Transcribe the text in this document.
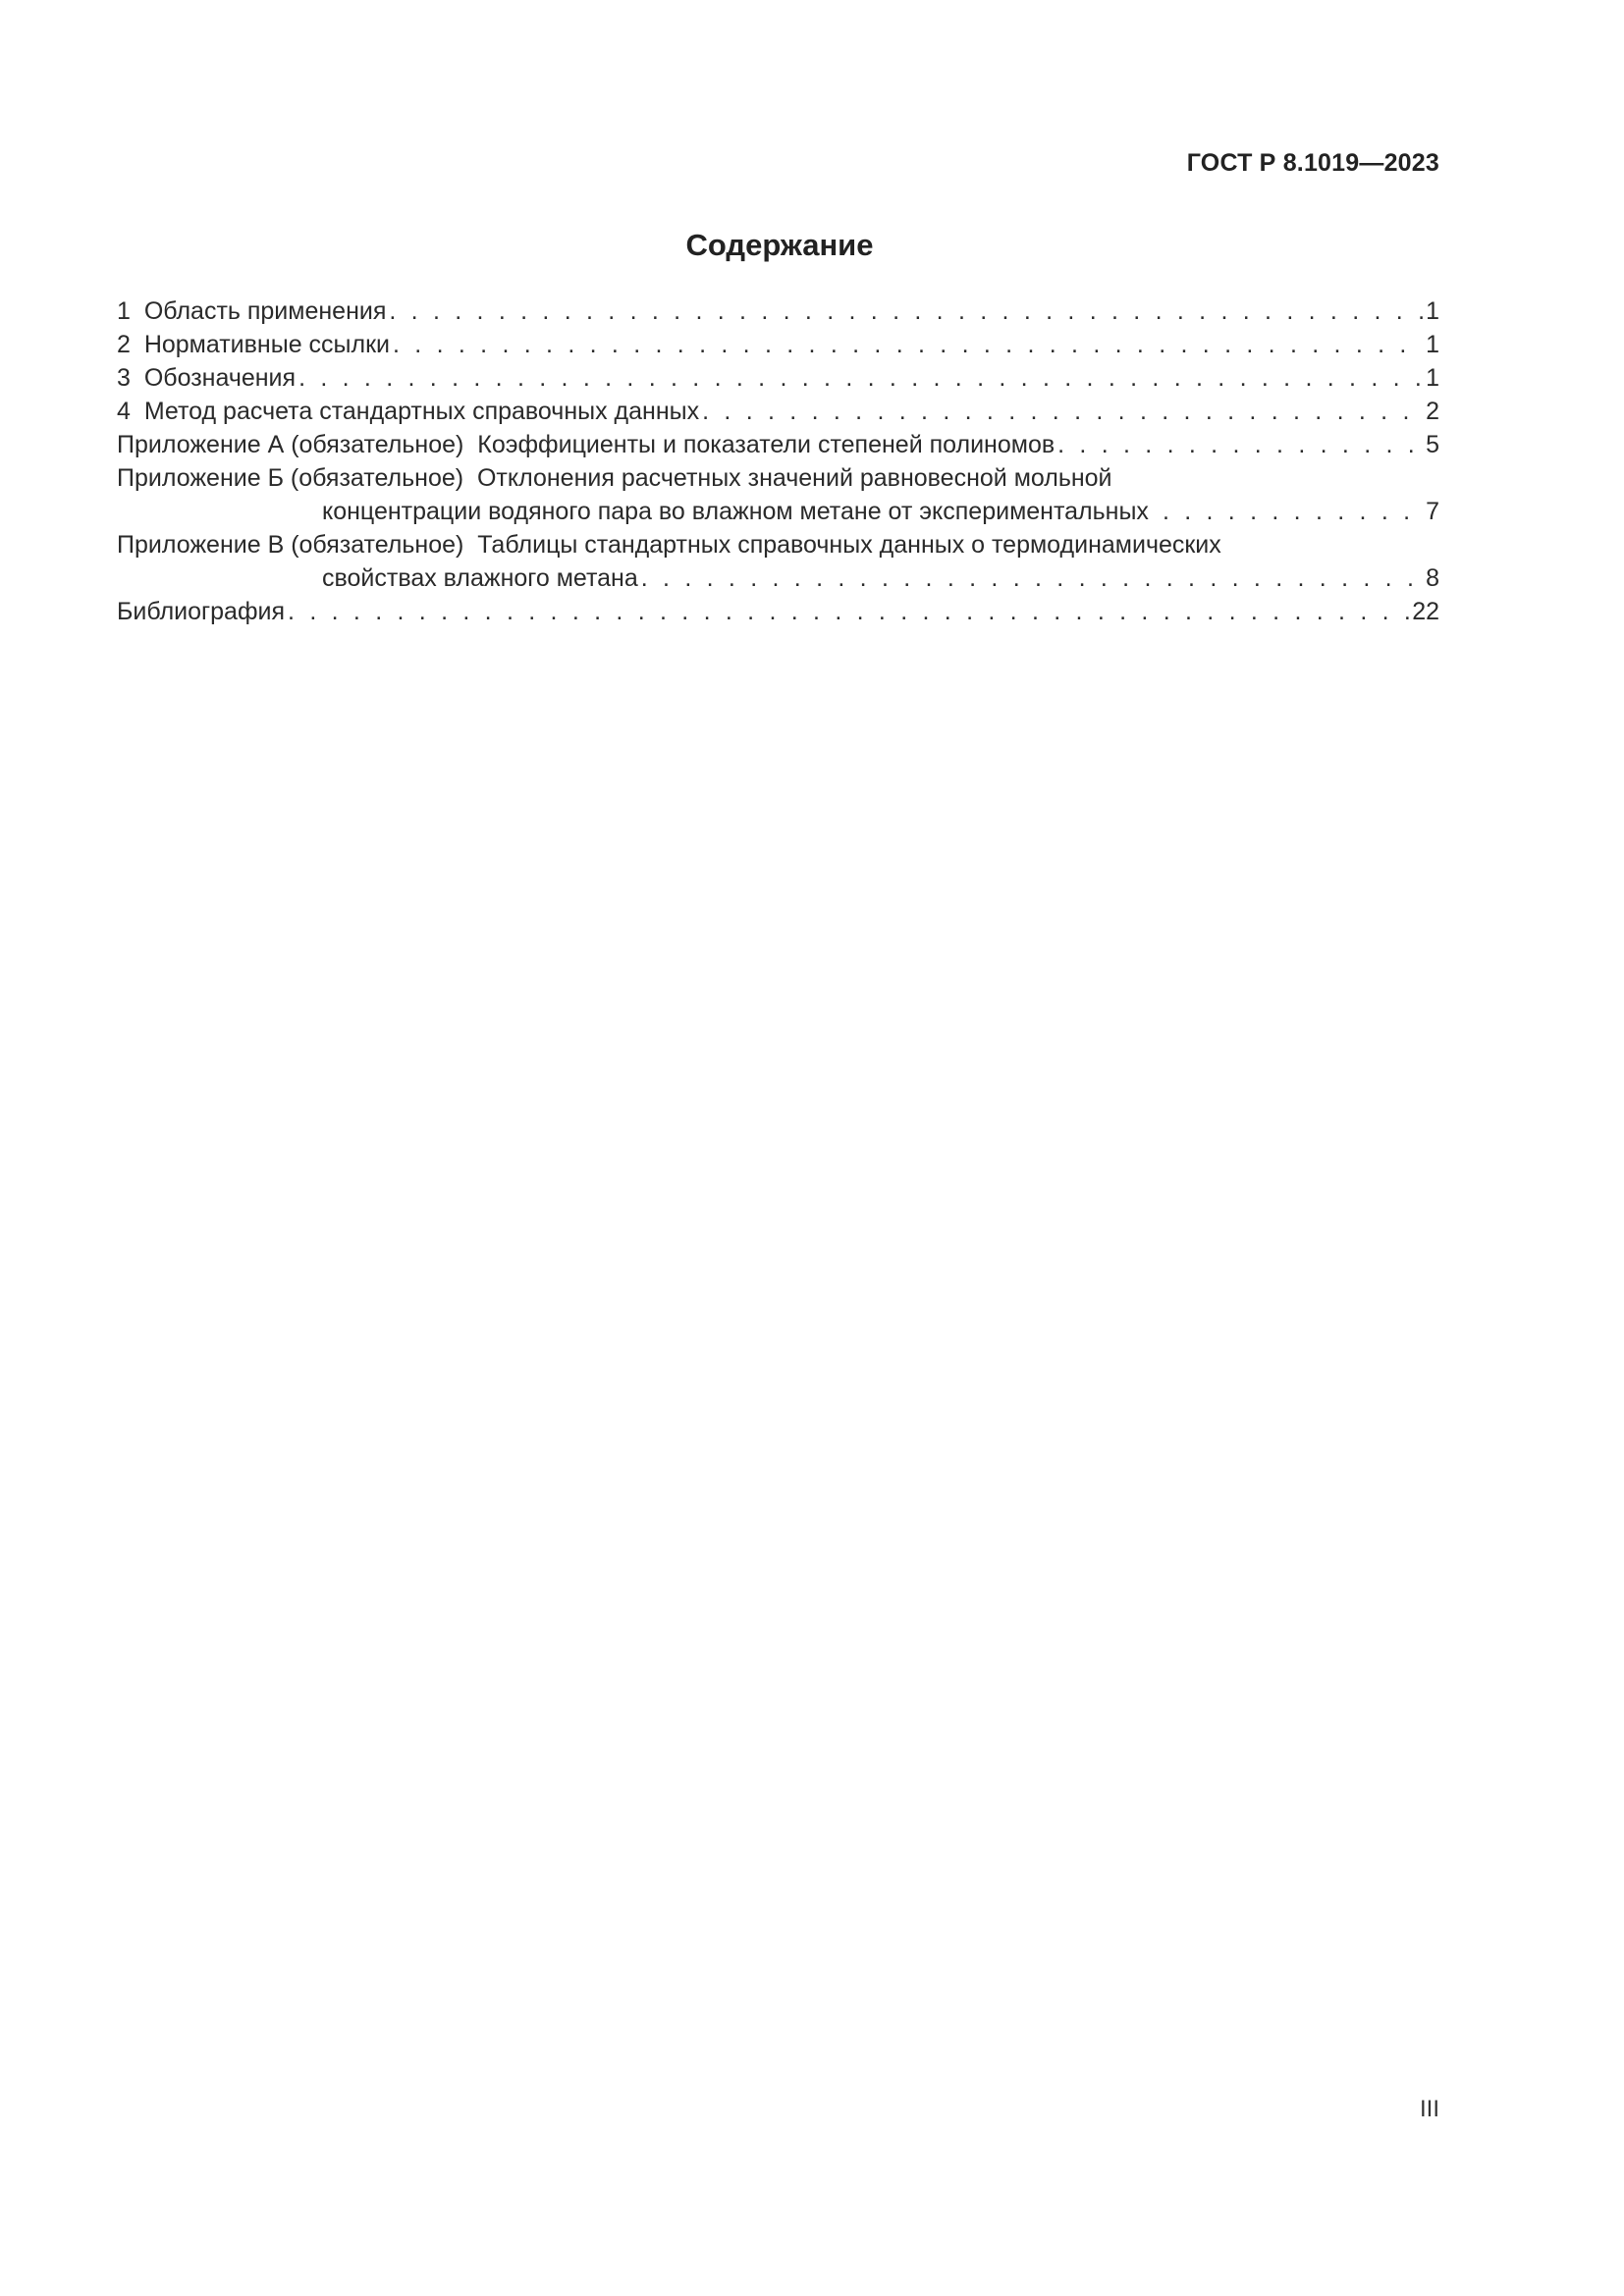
ГОСТ Р 8.1019—2023
Содержание
1 Область применения . . .	1
2 Нормативные ссылки . . .	1
3 Обозначения . . .	1
4 Метод расчета стандартных справочных данных . . .	2
Приложение А (обязательное) Коэффициенты и показатели степеней полиномов . . .	5
Приложение Б (обязательное) Отклонения расчетных значений равновесной мольной
концентрации водяного пара во влажном метане от экспериментальных . . .	7
Приложение В (обязательное) Таблицы стандартных справочных данных о термодинамических
свойствах влажного метана . . .	8
Библиография . . .	22
III
